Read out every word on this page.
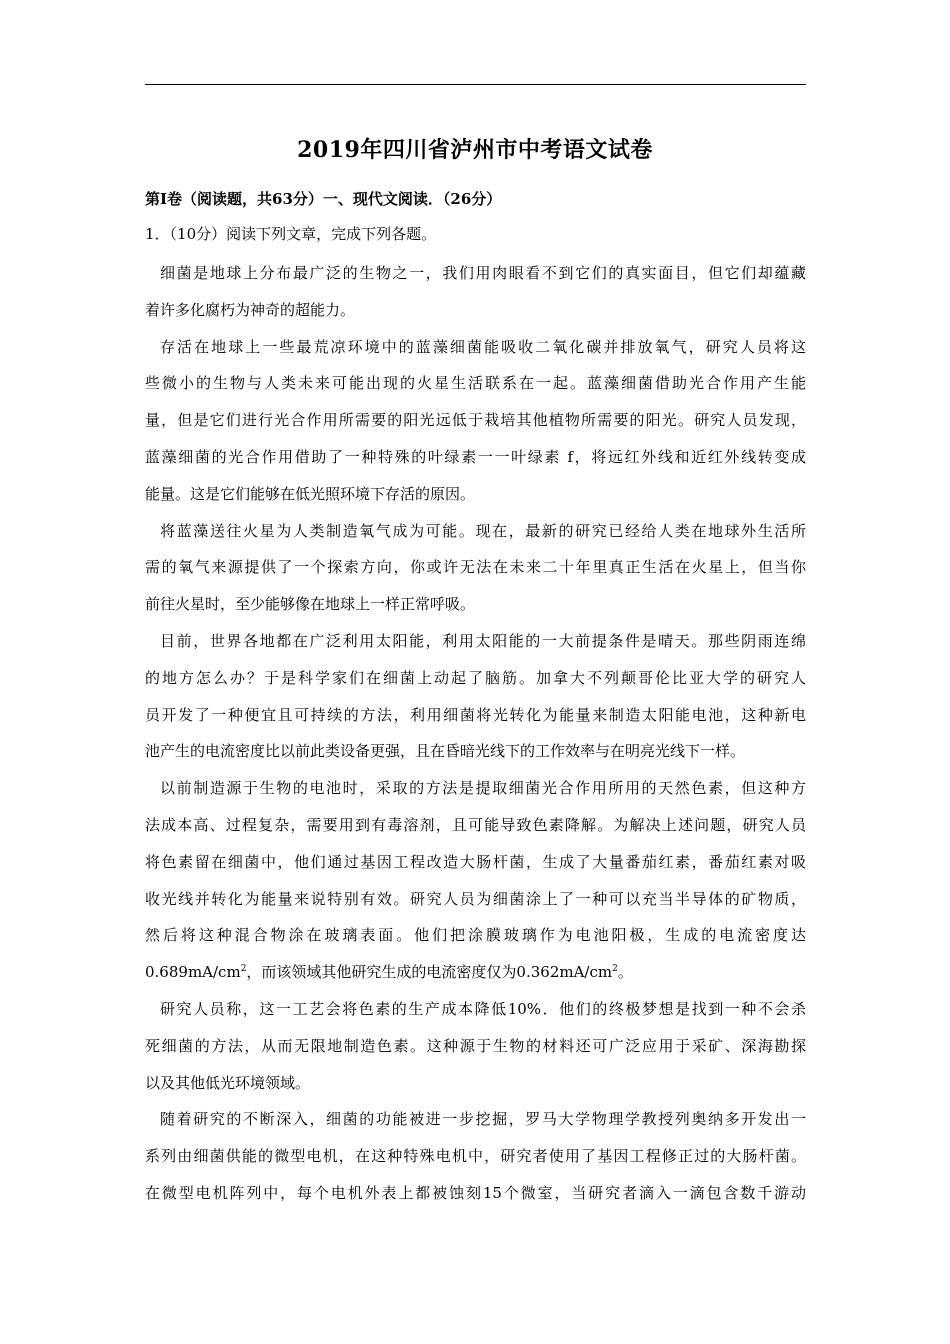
2019年四川省泸州市中考语文试卷
第I卷（阅读题，共63分）一、现代文阅读．（26分）
1．（10分）阅读下列文章，完成下列各题。
细菌是地球上分布最广泛的生物之一，我们用肉眼看不到它们的真实面目，但它们却蕴藏
着许多化腐朽为神奇的超能力。
存活在地球上一些最荒凉环境中的蓝藻细菌能吸收二氧化碳并排放氧气，研究人员将这
些微小的生物与人类未来可能出现的火星生活联系在一起。蓝藻细菌借助光合作用产生能
量，但是它们进行光合作用所需要的阳光远低于栽培其他植物所需要的阳光。研究人员发现，
蓝藻细菌的光合作用借助了一种特殊的叶绿素一一叶绿素 f，将远红外线和近红外线转变成
能量。这是它们能够在低光照环境下存活的原因。
将蓝藻送往火星为人类制造氧气成为可能。现在，最新的研究已经给人类在地球外生活所
需的氧气来源提供了一个探索方向，你或许无法在未来二十年里真正生活在火星上，但当你
前往火星时，至少能够像在地球上一样正常呼吸。
目前，世界各地都在广泛利用太阳能，利用太阳能的一大前提条件是晴天。那些阴雨连绵
的地方怎么办？于是科学家们在细菌上动起了脑筋。加拿大不列颠哥伦比亚大学的研究人
员开发了一种便宜且可持续的方法，利用细菌将光转化为能量来制造太阳能电池，这种新电
池产生的电流密度比以前此类设备更强，且在昏暗光线下的工作效率与在明亮光线下一样。
以前制造源于生物的电池时，采取的方法是提取细菌光合作用所用的天然色素，但这种方
法成本高、过程复杂，需要用到有毒溶剂，且可能导致色素降解。为解决上述问题，研究人员
将色素留在细菌中，他们通过基因工程改造大肠杆菌，生成了大量番茄红素，番茄红素对吸
收光线并转化为能量来说特别有效。研究人员为细菌涂上了一种可以充当半导体的矿物质，
然后将这种混合物涂在玻璃表面。他们把涂膜玻璃作为电池阳极，生成的电流密度达
$0.689mA/cm^2$，而该领域其他研究生成的电流密度仅为$0.362mA/cm^2$。
研究人员称，这一工艺会将色素的生产成本降低10%．他们的终极梦想是找到一种不会杀
死细菌的方法，从而无限地制造色素。这种源于生物的材料还可广泛应用于采矿、深海勘探
以及其他低光环境领域。
随着研究的不断深入，细菌的功能被进一步挖掘，罗马大学物理学教授列奥纳多开发出一
系列由细菌供能的微型电机，在这种特殊电机中，研究者使用了基因工程修正过的大肠杆菌。
在微型电机阵列中，每个电机外表上都被蚀刻15个微室，当研究者滴入一滴包含数千游动
